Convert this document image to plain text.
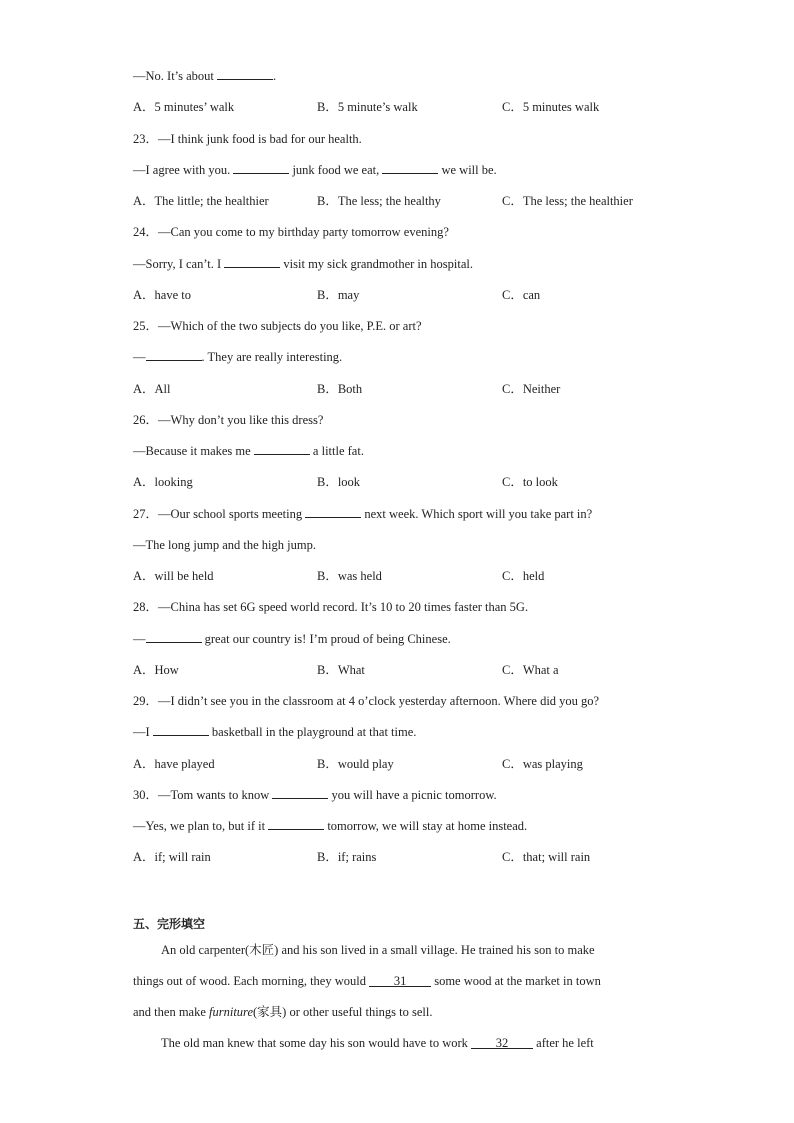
—No. It’s about	.
A．5 minutes’ walk	B．5 minute’s walk	C．5 minutes walk
23．—I think junk food is bad for our health.
—I agree with you.	junk food we eat,	we will be.
A．The little; the healthier	B．The less; the healthy	C．The less; the healthier
24．—Can you come to my birthday party tomorrow evening?
—Sorry, I can’t. I	visit my sick grandmother in hospital.
A．have to	B．may	C．can
25．—Which of the two subjects do you like, P.E. or art?
—	. They are really interesting.
A．All	B．Both	C．Neither
26．—Why don’t you like this dress?
—Because it makes me	a little fat.
A．looking	B．look	C．to look
27．—Our school sports meeting	next week. Which sport will you take part in?
—The long jump and the high jump.
A．will be held	B．was held	C．held
28．—China has set 6G speed world record. It’s 10 to 20 times faster than 5G.
—	great our country is! I’m proud of being Chinese.
A．How	B．What	C．What a
29．—I didn’t see you in the classroom at 4 o’clock yesterday afternoon. Where did you go?
—I	basketball in the playground at that time.
A．have played	B．would play	C．was playing
30．—Tom wants to know	you will have a picnic tomorrow.
—Yes, we plan to, but if it	tomorrow, we will stay at home instead.
A．if; will rain	B．if; rains	C．that; will rain
五、完形填空
An old carpenter(木匠) and his son lived in a small village. He trained his son to make
things out of wood. Each morning, they would 31 some wood at the market in town
and then make furniture(家具) or other useful things to sell.
The old man knew that some day his son would have to work 32 after he left
